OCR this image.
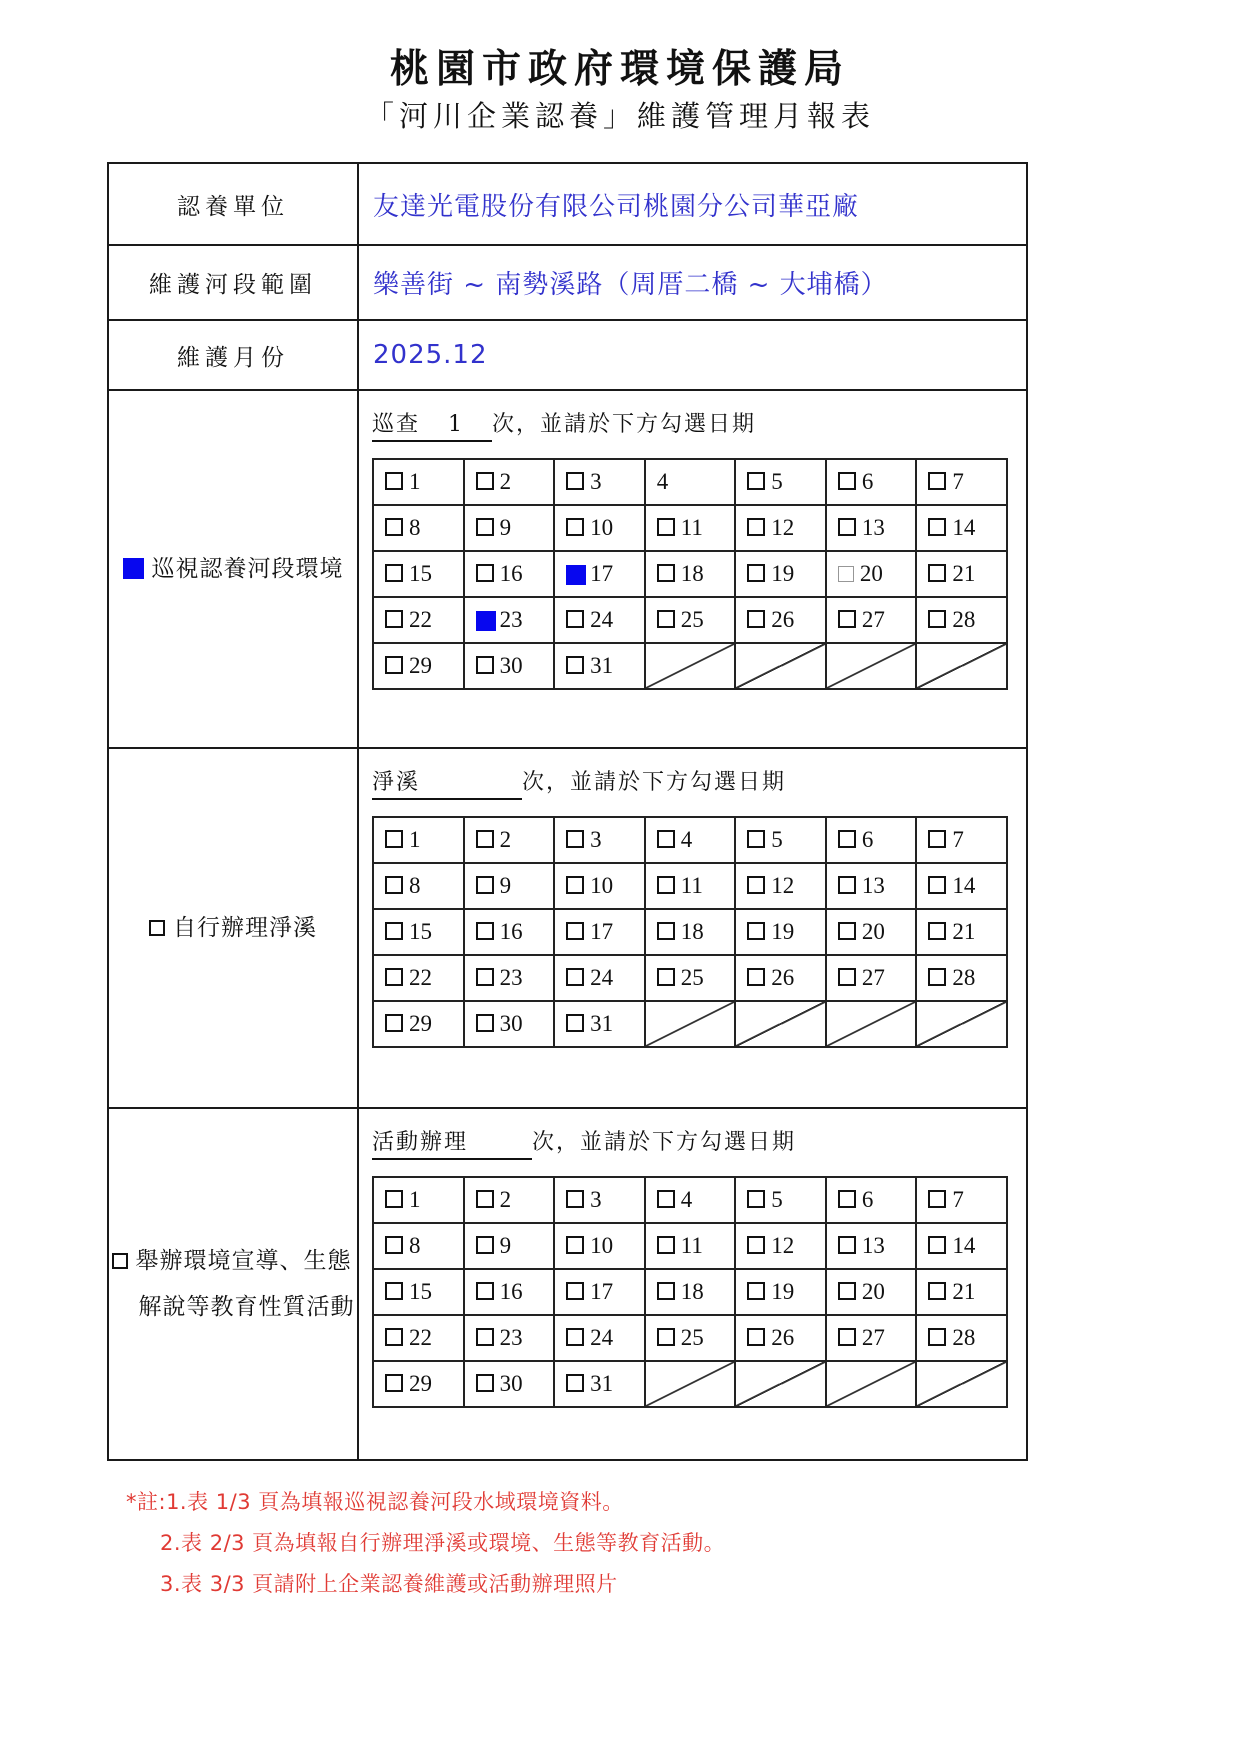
桃園市政府環境保護局
「河川企業認養」維護管理月報表
認養單位	友達光電股份有限公司桃園分公司華亞廠
維護河段範圍	樂善街 ~ 南勢溪路（周厝二橋 ~ 大埔橋）
維護月份	2025.12
巡視認養河段環境
巡查 1 次，並請於下方勾選日期
1	2	3	4	5	6	7
8	9	10	11	12	13	14
15	16	17	18	19	20	21
22	23	24	25	26	27	28
29	30	31				
自行辦理淨溪
淨溪	次，並請於下方勾選日期
1	2	3	4	5	6	7
8	9	10	11	12	13	14
15	16	17	18	19	20	21
22	23	24	25	26	27	28
29	30	31				
舉辦環境宣導、生態
解說等教育性質活動
活動辦理	次，並請於下方勾選日期
1	2	3	4	5	6	7
8	9	10	11	12	13	14
15	16	17	18	19	20	21
22	23	24	25	26	27	28
29	30	31				
*註:1.表 1/3 頁為填報巡視認養河段水域環境資料。
2.表 2/3 頁為填報自行辦理淨溪或環境、生態等教育活動。
3.表 3/3 頁請附上企業認養維護或活動辦理照片
